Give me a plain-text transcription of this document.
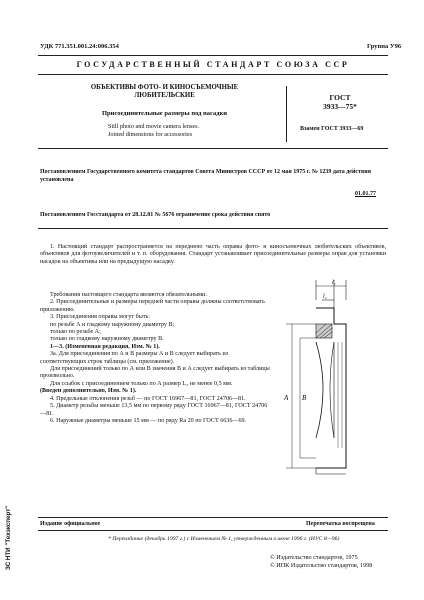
УДК 771.351.001.24:006.354	Группа У96
ГОСУДАРСТВЕННЫЙ СТАНДАРТ СОЮЗА ССР
ОБЪЕКТИВЫ ФОТО- И КИНОСЪЕМОЧНЫЕ
ЛЮБИТЕЛЬСКИЕ
Присоединительные размеры под насадки
Still photo and movie camera lenses.
Joined dimensions for accessories
ГОСТ
3933—75*
Взамен ГОСТ 3933—69
Постановлением Государственного комитета стандартов Совета Министров СССР от 12 мая 1975 г. № 1239 дата действия установлена
01.01.77
Постановлением Госстандарта от 28.12.81 № 5676 ограничение срока действия снято

1. Настоящий стандарт распространяется на переднюю часть оправы фото- и киносъемочных любительских объективов, объективов для фотоувеличителей и т. п. оборудования. Стандарт устанавливает присоединительные размеры оправ для установки насадок на объективы или на предыдущую насадку.

Требования настоящего стандарта являются обязательными.

2. Присоединительные и размеры передней части оправы должны соответствовать приложению.

3. Присоединения оправы могут быть:

по резьбе А и гладкому наружному диаметру В;

только по резьбе А;

только по гладкому наружному диаметру В.

1—3. (Измененная редакция, Изм. № 1).

За. Для присоединения по А и В размеры А и В следует выбирать из соответствующих строк таблицы (см. приложение).

Для присоединений только по А или В значения В и А следует выбирать из таблицы произвольно.

Для ссыбок с присоединением только по А размер L₂ не менее 0,5 мм.

(Введен дополнительно, Изм. № 1).

4. Предельные отклонения резьб — по ГОСТ 16967—81, ГОСТ 24706—81.

5. Диаметр резьбы меньше 13,5 мм по первому ряду ГОСТ 16967—81, ГОСТ 24706—81.

6. Наружные диаметры меньше 15 мм — по ряду Ra 20 по ГОСТ 6636—69.

l₁
l₂
А В
Издание официальное	Перепечатка воспрещена
* Переиздание (декабрь 1997 г.) с Изменением № 1, утвержденным в июне 1996 г. (ИУС 8—96)
© Издательство стандартов, 1975
© ИПК Издательство стандартов, 1998
ЗС НТИ "Техэксперт"
